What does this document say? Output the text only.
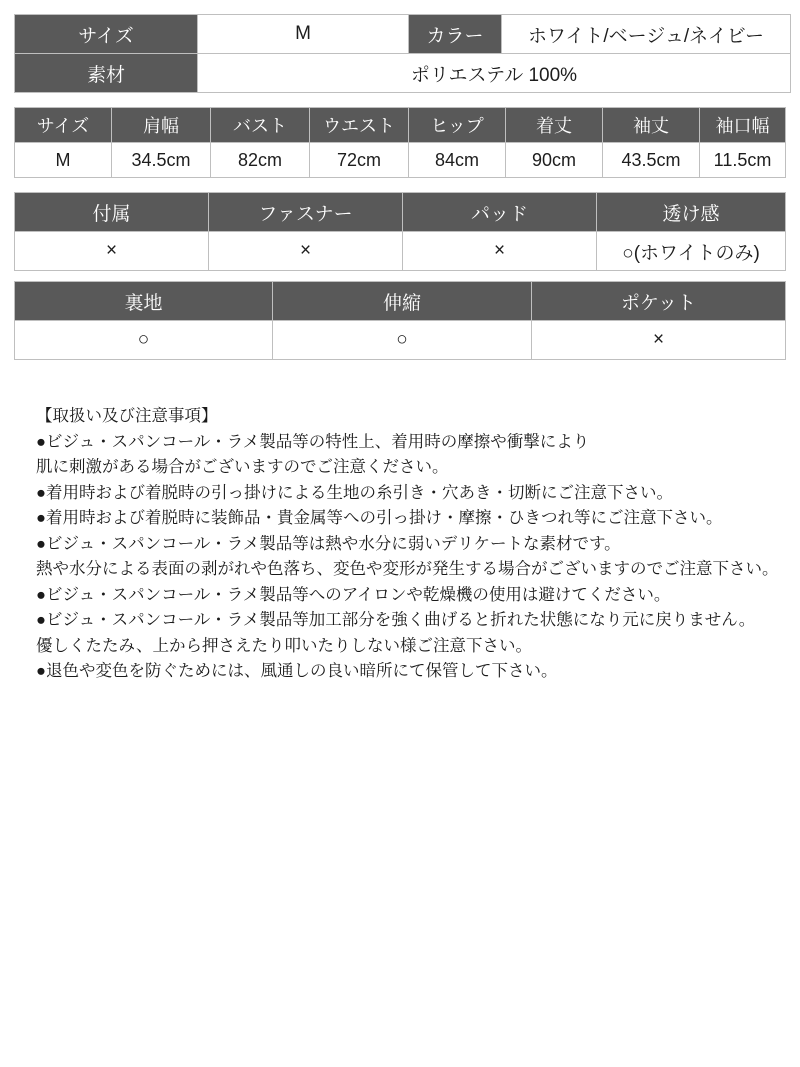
サイズ	M	カラー	ホワイト/ベージュ/ネイビー
素材	ポリエステル 100%		
サイズ	肩幅	バスト	ウエスト	ヒップ	着丈	袖丈	袖口幅
M	34.5cm	82cm	72cm	84cm	90cm	43.5cm	11.5cm
付属	ファスナー	パッド	透け感
×	×	×	○(ホワイトのみ)
裏地	伸縮	ポケット
○	○	×
【取扱い及び注意事項】
●ビジュ・スパンコール・ラメ製品等の特性上、着用時の摩擦や衝撃により
肌に刺激がある場合がございますのでご注意ください。
●着用時および着脱時の引っ掛けによる生地の糸引き・穴あき・切断にご注意下さい。
●着用時および着脱時に装飾品・貴金属等への引っ掛け・摩擦・ひきつれ等にご注意下さい。
●ビジュ・スパンコール・ラメ製品等は熱や水分に弱いデリケートな素材です。
熱や水分による表面の剥がれや色落ち、変色や変形が発生する場合がございますのでご注意下さい。
●ビジュ・スパンコール・ラメ製品等へのアイロンや乾燥機の使用は避けてください。
●ビジュ・スパンコール・ラメ製品等加工部分を強く曲げると折れた状態になり元に戻りません。
優しくたたみ、上から押さえたり叩いたりしない様ご注意下さい。
●退色や変色を防ぐためには、風通しの良い暗所にて保管して下さい。
